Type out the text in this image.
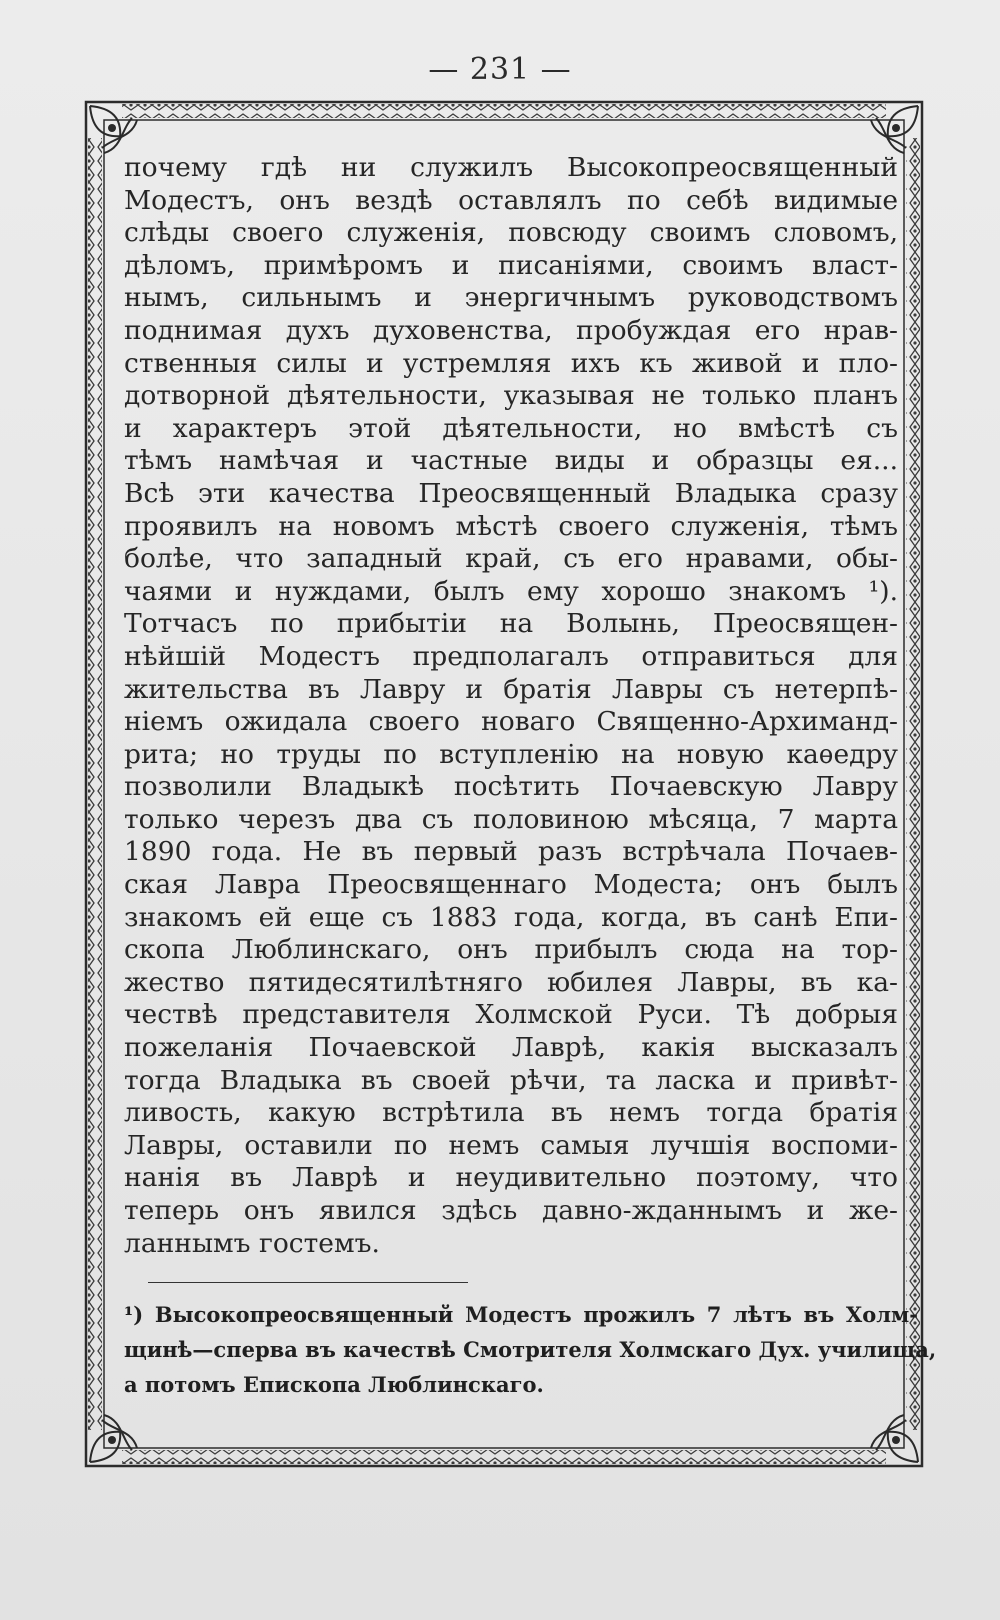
— 231 —
почему гдѣ ни служилъ Высокопреосвященный
Модестъ, онъ вездѣ оставлялъ по себѣ видимые
слѣды своего служенія, повсюду своимъ словомъ,
дѣломъ, примѣромъ и писаніями, своимъ власт-
нымъ, сильнымъ и энергичнымъ руководствомъ
поднимая духъ духовенства, пробуждая его нрав-
ственныя силы и устремляя ихъ къ живой и пло-
дотворной дѣятельности, указывая не только планъ
и характеръ этой дѣятельности, но вмѣстѣ съ
тѣмъ намѣчая и частные виды и образцы ея...
Всѣ эти качества Преосвященный Владыка сразу
проявилъ на новомъ мѣстѣ своего служенія, тѣмъ
болѣе, что западный край, съ его нравами, обы-
чаями и нуждами, былъ ему хорошо знакомъ ¹).
Тотчасъ по прибытіи на Волынь, Преосвящен-
нѣйшій Модестъ предполагалъ отправиться для
жительства въ Лавру и братія Лавры съ нетерпѣ-
ніемъ ожидала своего новаго Священно-Архиманд-
рита; но труды по вступленію на новую каѳедру
позволили Владыкѣ посѣтить Почаевскую Лавру
только черезъ два съ половиною мѣсяца, 7 марта
1890 года. Не въ первый разъ встрѣчала Почаев-
ская Лавра Преосвященнаго Модеста; онъ былъ
знакомъ ей еще съ 1883 года, когда, въ санѣ Епи-
скопа Люблинскаго, онъ прибылъ сюда на тор-
жество пятидесятилѣтняго юбилея Лавры, въ ка-
чествѣ представителя Холмской Руси. Тѣ добрыя
пожеланія Почаевской Лаврѣ, какія высказалъ
тогда Владыка въ своей рѣчи, та ласка и привѣт-
ливость, какую встрѣтила въ немъ тогда братія
Лавры, оставили по немъ самыя лучшія воспоми-
нанія въ Лаврѣ и неудивительно поэтому, что
теперь онъ явился здѣсь давно-жданнымъ и же-
ланнымъ гостемъ.
¹) Высокопреосвященный Модестъ прожилъ 7 лѣтъ въ Холм-
щинѣ—сперва въ качествѣ Смотрителя Холмскаго Дух. училища,
а потомъ Епископа Люблинскаго.
